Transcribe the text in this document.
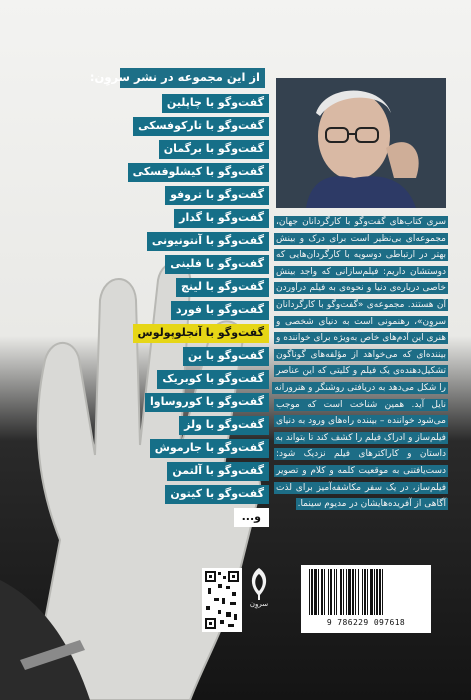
از این مجموعه در نشر سروِن:
گفت‌وگو با چاپلین
گفت‌وگو با تارکوفسکی
گفت‌وگو با برگمان
گفت‌وگو با کیشلوفسکی
گفت‌وگو با تروفو
گفت‌وگو با گدار
گفت‌وگو با آنتونیونی
گفت‌وگو با فلینی
گفت‌وگو با لینچ
گفت‌وگو با فورد
گفت‌وگو با آنجلوپولوس
گفت‌وگو با ین
گفت‌وگو با کوبریک
گفت‌وگو با کوروساوا
گفت‌وگو با ولز
گفت‌وگو با جارموش
گفت‌وگو با آلتمن
گفت‌وگو با کیتون
و...
سری کتاب‌های گفت‌وگو با کارگردانان جهان، مجموعه‌ای بی‌نظیر است برای درک و بینش بهتر در ارتباطی دوسویه با کارگردان‌هایی که دوستشان داریم: فیلم‌سازانی که واجد بینش خاصی درباره‌ی دنیا و نحوه‌ی به فیلم درآوردن آن هستند. مجموعه‌ی «گفت‌وگو با کارگردانان سروِن»، رهنمونی است به دنیای شخصی و هنری این آدم‌های خاص به‌ویژه برای خواننده و بیننده‌ای که می‌خواهد از مؤلفه‌های گوناگون تشکیل‌دهنده‌ی یک فیلم و کلیتی که این عناصر را شکل می‌دهد به دریافتی روشنگر و هنرورانه نایل آید. همین شناخت است که موجب می‌شود خواننده – بیننده راه‌های ورود به دنیای فیلم‌ساز و ادراک فیلم را کشف کند تا بتواند به داستان و کاراکترهای فیلم نزدیک شود: دست‌یافتنی به موقعیت کلمه و کلام و تصویر فیلم‌ساز، در یک سفر مکاشفه‌آمیز برای لذت آگاهی از آفریده‌هایشان در مدیوم سینما.
سروِن
9 786229 097618
